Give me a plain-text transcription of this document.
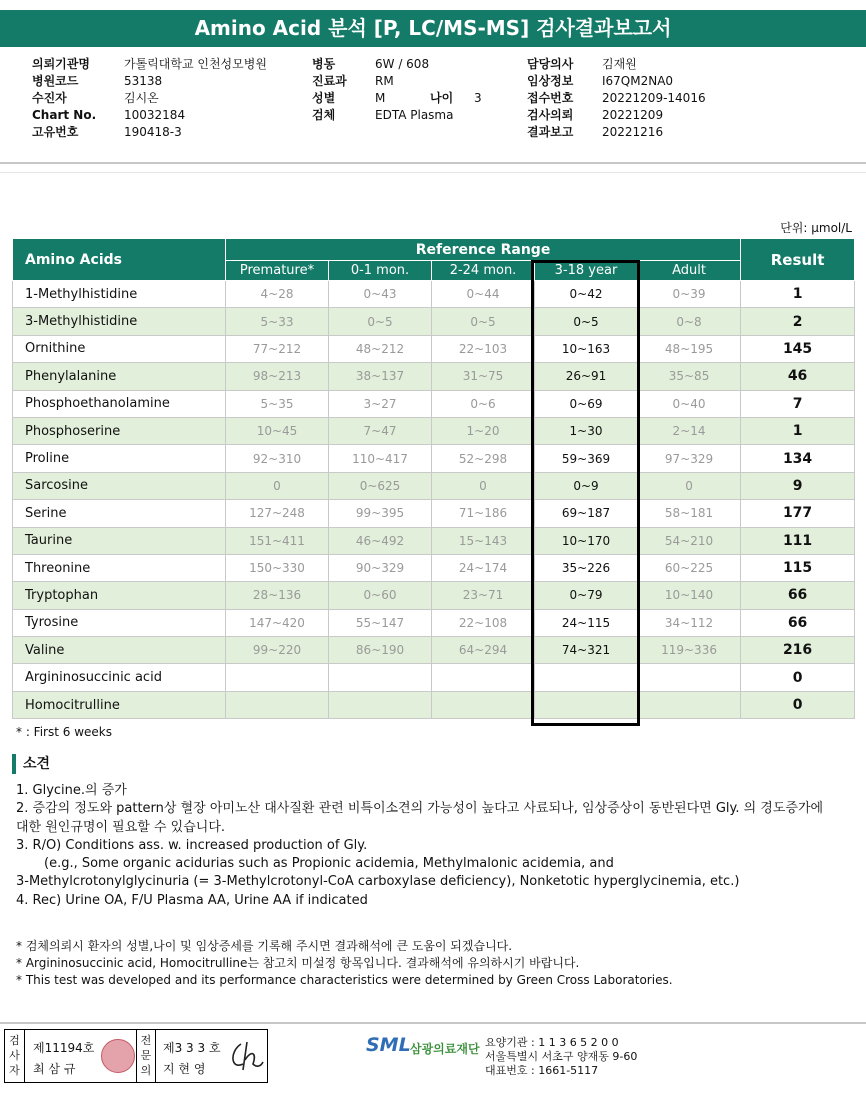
Amino Acid 분석 [P, LC/MS-MS] 검사결과보고서
의뢰기관명	가톨릭대학교 인천성모병원
병원코드	53138
수진자	김시온
Chart No.	10032184
고유번호	190418-3
병동	6W / 608
진료과	RM
성별	M	나이	3
검체	EDTA Plasma
담당의사	김재원
임상정보	I67QM2NA0
접수번호	20221209-14016
검사의뢰	20221209
결과보고	20221216
단위: μmol/L
Amino Acids	Reference Range					Result
	Premature*	0-1 mon.	2-24 mon.	3-18 year	Adult	
1-Methylhistidine	4~28	0~43	0~44	0~42	0~39	1
3-Methylhistidine	5~33	0~5	0~5	0~5	0~8	2
Ornithine	77~212	48~212	22~103	10~163	48~195	145
Phenylalanine	98~213	38~137	31~75	26~91	35~85	46
Phosphoethanolamine	5~35	3~27	0~6	0~69	0~40	7
Phosphoserine	10~45	7~47	1~20	1~30	2~14	1
Proline	92~310	110~417	52~298	59~369	97~329	134
Sarcosine	0	0~625	0	0~9	0	9
Serine	127~248	99~395	71~186	69~187	58~181	177
Taurine	151~411	46~492	15~143	10~170	54~210	111
Threonine	150~330	90~329	24~174	35~226	60~225	115
Tryptophan	28~136	0~60	23~71	0~79	10~140	66
Tyrosine	147~420	55~147	22~108	24~115	34~112	66
Valine	99~220	86~190	64~294	74~321	119~336	216
Argininosuccinic acid						0
Homocitrulline						0
* : First 6 weeks
소견

1. Glycine.의 증가

2. 증감의 정도와 pattern상 혈장 아미노산 대사질환 관련 비특이소견의 가능성이 높다고 사료되나, 임상증상이 동반된다면 Gly. 의 경도증가에 대한 원인규명이 필요할 수 있습니다.

3. R/O) Conditions ass. w. increased production of Gly.

(e.g., Some organic acidurias such as Propionic acidemia, Methylmalonic acidemia, and

3-Methylcrotonylglycinuria (= 3-Methylcrotonyl-CoA carboxylase deficiency), Nonketotic hyperglycinemia, etc.)

4. Rec) Urine OA, F/U Plasma AA, Urine AA if indicated

* 검체의뢰시 환자의 성별,나이 및 임상증세를 기록해 주시면 결과해석에 큰 도움이 되겠습니다.

* Argininosuccinic acid, Homocitrulline는 참고치 미설정 항목입니다. 결과해석에 유의하시기 바랍니다.

* This test was developed and its performance characteristics were determined by Green Cross Laboratories.

검사자
제11194호
최 삼 규
전문의
제3 3 3 호
지 현 영
SML 삼광의료재단 요양기관 : 1 1 3 6 5 2 0 0

서울특별시 서초구 양재동 9-60

대표번호 : 1661-5117
